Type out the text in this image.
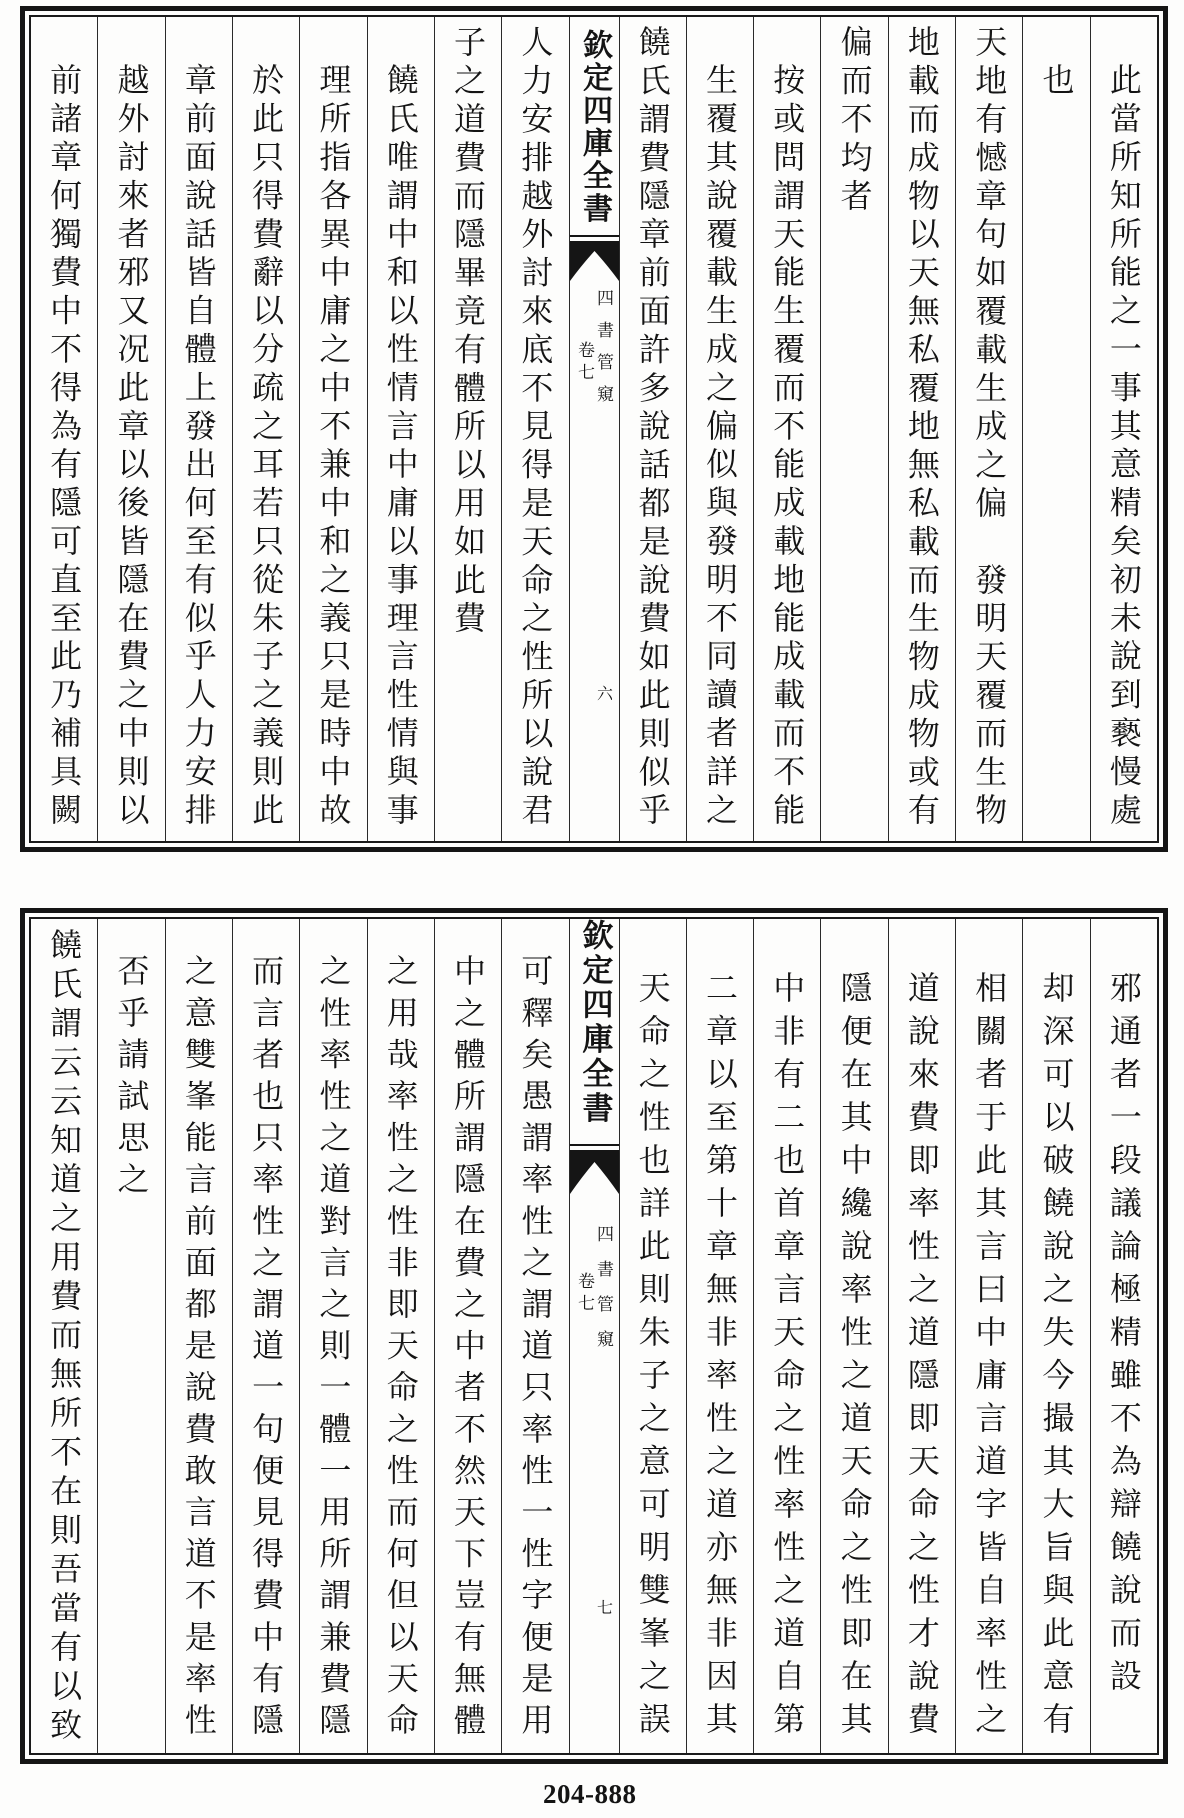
此當所知所能之一事其意精矣初未說到褻慢處
也
天地有憾章句如覆載生成之偏　發明天覆而生物
地載而成物以天無私覆地無私載而生物成物或有
偏而不均者
按或問謂天能生覆而不能成載地能成載而不能
生覆其說覆載生成之偏似與發明不同讀者詳之
饒氏謂費隱章前面許多說話都是說費如此則似乎
欽定四庫全書
四書管窺
卷七
六
人力安排越外討來底不見得是天命之性所以說君
子之道費而隱畢竟有體所以用如此費
饒氏唯謂中和以性情言中庸以事理言性情與事
理所指各異中庸之中不兼中和之義只是時中故
於此只得費辭以分疏之耳若只從朱子之義則此
章前面說話皆自體上發出何至有似乎人力安排
越外討來者邪又况此章以後皆隱在費之中則以
前諸章何獨費中不得為有隱可直至此乃補具闕
邪通者一段議論極精雖不為辯饒說而設
却深可以破饒說之失今撮其大旨與此意有
相關者于此其言曰中庸言道字皆自率性之
道說來費即率性之道隱即天命之性才說費
隱便在其中纔說率性之道天命之性即在其
中非有二也首章言天命之性率性之道自第
二章以至第十章無非率性之道亦無非因其
天命之性也詳此則朱子之意可明雙峯之誤
欽定四庫全書
四書管窺
卷七
七
可釋矣愚謂率性之謂道只率性一性字便是用
中之體所謂隱在費之中者不然天下豈有無體
之用哉率性之性非即天命之性而何但以天命
之性率性之道對言之則一體一用所謂兼費隱
而言者也只率性之謂道一句便見得費中有隱
之意雙峯能言前面都是說費敢言道不是率性
否乎請試思之
饒氏謂云云知道之用費而無所不在則吾當有以致
204-888
